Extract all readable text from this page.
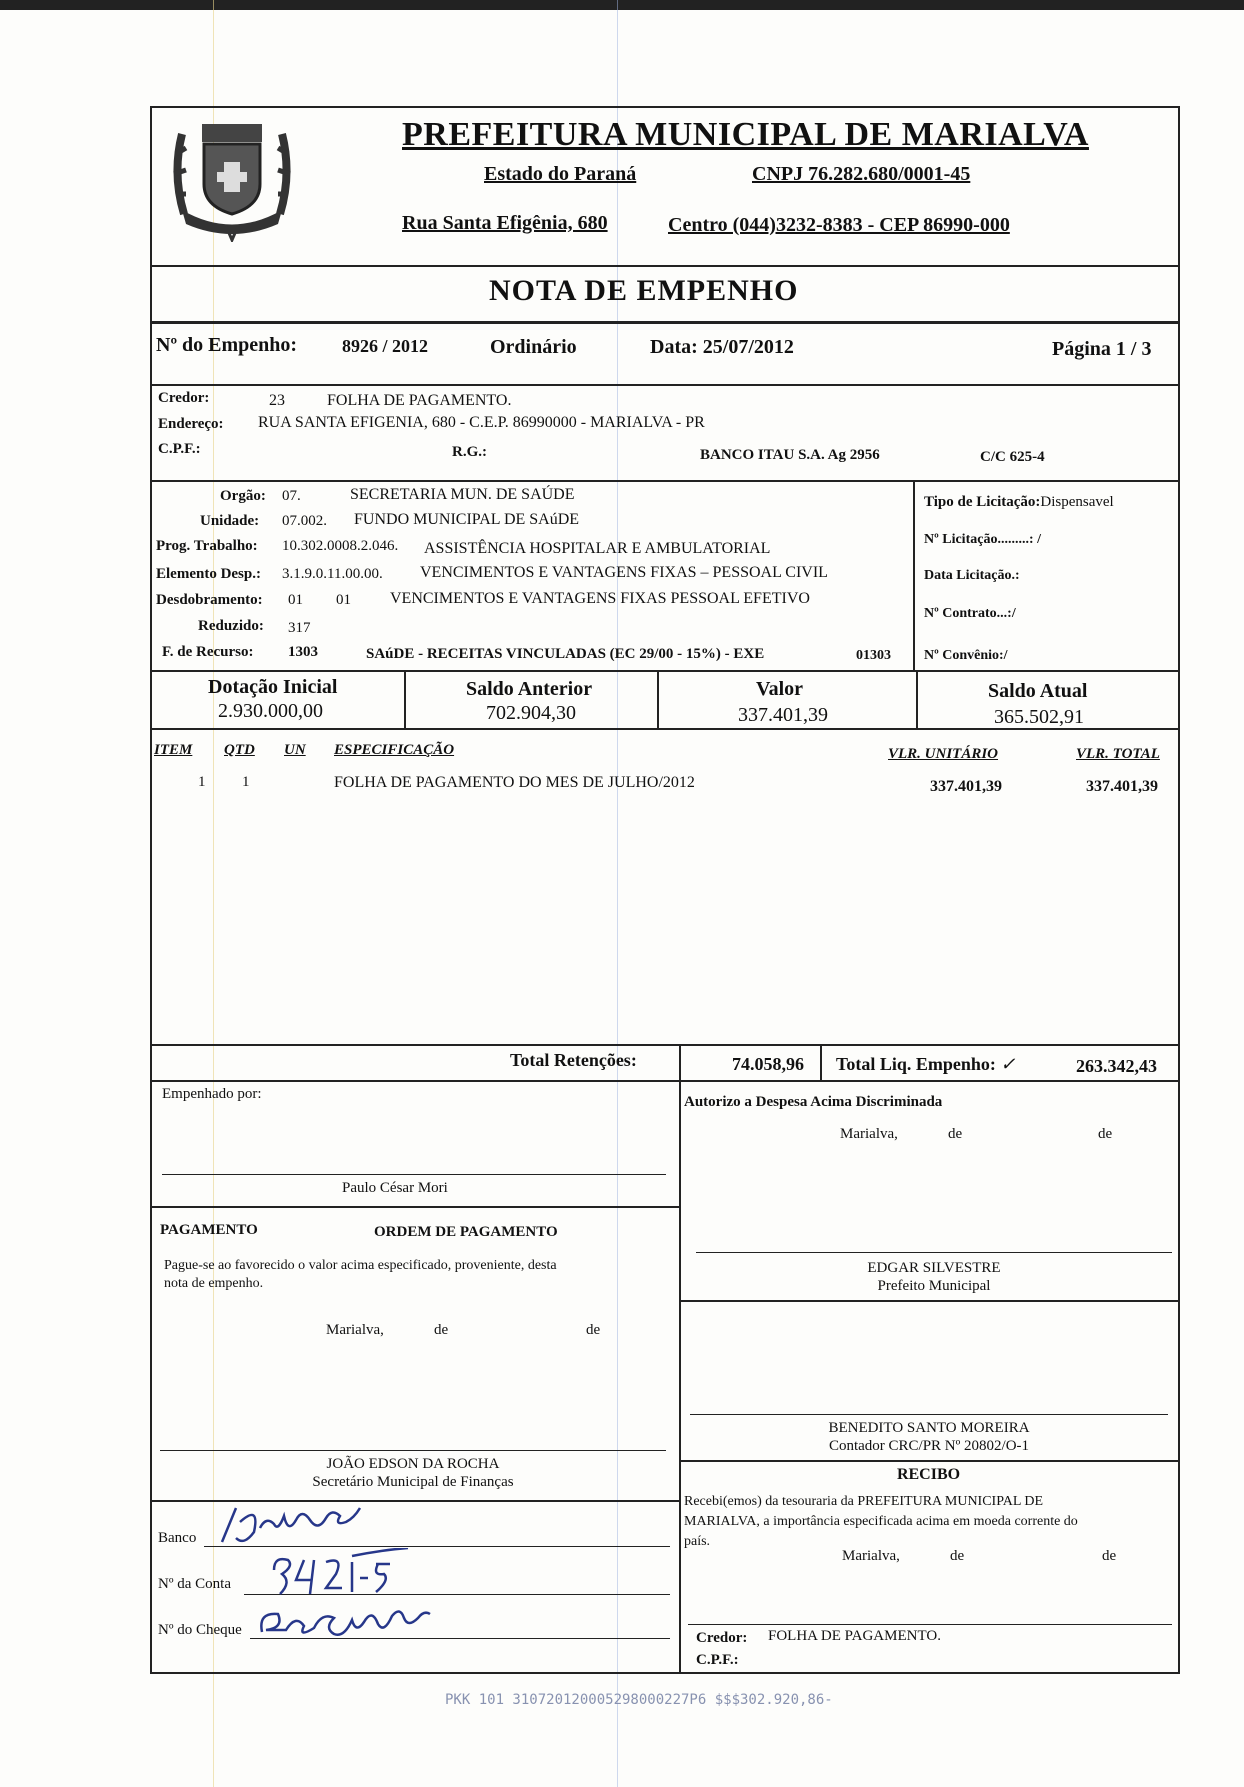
PREFEITURA MUNICIPAL DE MARIALVA
Estado do Paraná	CNPJ 76.282.680/0001-45
Rua Santa Efigênia, 680	Centro (044)3232-8383 - CEP 86990-000
NOTA DE EMPENHO
Nº do Empenho: 8926 / 2012	Ordinário	Data: 25/07/2012	Página 1 / 3
Credor:	23	FOLHA DE PAGAMENTO.
Endereço: RUA SANTA EFIGENIA, 680 - C.E.P. 86990000 - MARIALVA - PR
C.P.F.:	R.G.:	BANCO ITAU S.A. Ag 2956	C/C 625-4
Orgão: 07.	SECRETARIA MUN. DE SAÚDE
Unidade: 07.002. FUNDO MUNICIPAL DE SAúDE
Prog. Trabalho: 10.302.0008.2.046. ASSISTÊNCIA HOSPITALAR E AMBULATORIAL
Elemento Desp.: 3.1.9.0.11.00.00. VENCIMENTOS E VANTAGENS FIXAS – PESSOAL CIVIL
Desdobramento: 01 01 VENCIMENTOS E VANTAGENS FIXAS PESSOAL EFETIVO
Reduzido: 317
F. de Recurso: 1303	SAúDE - RECEITAS VINCULADAS (EC 29/00 - 15%) - EXE	01303
Tipo de Licitação:Dispensavel
Nº Licitação.........: /
Data Licitação.:
Nº Contrato...:/
Nº Convênio:/
Dotação Inicial
2.930.000,00
Saldo Anterior
702.904,30
Valor
337.401,39
Saldo Atual
365.502,91
ITEM QTD UN ESPECIFICAÇÃO	VLR. UNITÁRIO	VLR. TOTAL
1 1	FOLHA DE PAGAMENTO DO MES DE JULHO/2012	337.401,39	337.401,39
Total Retenções:	74.058,96 Total Liq. Empenho: ✓	263.342,43
Empenhado por:
Paulo César Mori
PAGAMENTO	ORDEM DE PAGAMENTO
Pague-se ao favorecido o valor acima especificado, proveniente, desta
nota de empenho.
Marialva,	de	de
JOÃO EDSON DA ROCHA
Secretário Municipal de Finanças
Banco
Nº da Conta
Nº do Cheque
Autorizo a Despesa Acima Discriminada
Marialva,	de	de
EDGAR SILVESTRE
Prefeito Municipal
BENEDITO SANTO MOREIRA
Contador CRC/PR Nº 20802/O-1
RECIBO
Recebi(emos) da tesouraria da PREFEITURA MUNICIPAL DE
MARIALVA, a importância especificada acima em moeda corrente do
país.
Marialva,	de	de
Credor: FOLHA DE PAGAMENTO.
C.P.F.:
PKK 101 310720120005298000227P6 $$$302.920,86-
